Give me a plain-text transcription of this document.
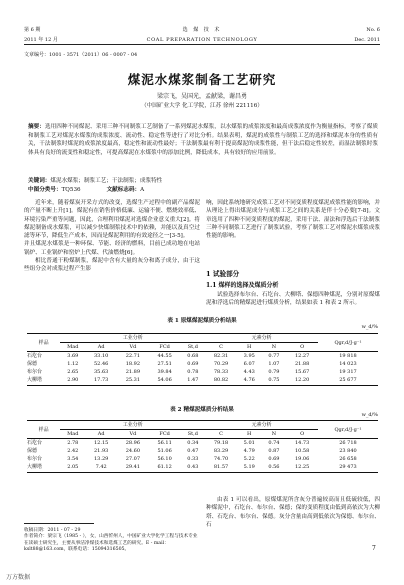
第 6 期	选 煤 技 术	No. 6
2011 年 12 月	COAL PREPARATION TECHNOLOGY	Dec. 2011
文章编号：1001 - 3571（2011）06 - 0007 - 04
煤泥水煤浆制备工艺研究
梁宗飞，吴国光，孟献梁，谢昌勇
（中国矿业大学 化工学院，江苏 徐州 221116）
摘要：选用四种不同煤泥、采用三种不同制浆工艺制备了一系列煤泥水煤浆，以水煤浆的成浆浓度和最高成浆浓度作为衡量指标，考察了煤质和制浆工艺对煤泥水煤浆的成浆浓度、流动性、稳定性等进行了对比分析。结果表明，煤泥的成浆性与制浆工艺的选择和煤泥本身的性质有关，干法制浆时煤泥的成浆浓度最高，稳定性和流动性最好；干法制浆最有利于提高煤泥的成浆性能，但干法后稳定性较差，而湿法制浆时浆体具有良好的流变性和稳定性，可提高煤泥在水煤浆中的添加比例，降低成本，具有较好的应用前景。
关键词：煤泥水煤浆；制浆工艺；干法制浆；成浆特性
中图分类号：TQ536	文献标志码：A

近年来，随着煤炭开采方式的改变，选煤生产过程中的副产品煤泥的产量不断上升[1]。煤泥有在销售价格低廉、运输不便、燃烧效率低、环境污染严重等问题，因此，合理利用煤泥对选煤企业意义重大[2]。将煤泥制备成水煤浆，可以减少快煤制浆技术中的依赖，并能以及真空过滤等环节，降低生产成本，因而是煤泥利用的有效途径之一[3-5]。

并且煤泥水煤浆是一种环保、节能、经济的燃料，目前已成功地在电站锅炉、工业锅炉和窑炉上代煤、代油燃烧[6]。

相比普通干粉煤制浆，煤泥中含有大量的灰分和离子成分，由于这些组分会对成浆过程产生影

响，因此系统地研究成浆工艺对不同变质程度煤泥成浆性能的影响，并从理论上得出煤泥成分与成浆工艺之间的关系是伴十分必要[7-8]。文章选用了四种不同变质程度的煤泥，采用干法、湿法和浮选后干法制浆三种不同制浆工艺进行了制浆试验，考察了制浆工艺对煤泥水煤浆成浆性能的影响。
1 试验部分
1.1 煤样的选择及煤质分析
试验选择布尔台、石圪台、大柳塔、保德四种煤泥，分别对原煤煤泥和浮选后的精煤泥进行煤质分析，结果如表 1 和表 2 所示。
表 1 原煤煤泥煤质分析结果
w_d/%
样品	工业分析					元素分析				Qgr,d/J·g⁻¹
	Mad	Ad	Vd	FCd	St,d	C	H	N	O	
石圪台	3.69	33.10	22.71	44.55	0.68	82.31	3.95	0.77	12.27	19 818
保德	1.12	52.46	18.92	27.51	0.69	70.29	6.07	1.07	21.88	14 023
布尔台	2.65	35.63	21.89	39.84	0.78	78.33	4.43	0.79	15.67	19 317
大柳塔	2.90	17.73	25.31	54.06	1.47	80.82	4.76	0.75	12.20	25 677
表 2 精煤泥煤质分析结果
w_d/%
样品	工业分析					元素分析				Qgr,d/J·g⁻¹
	Mad	Ad	Vd	FCd	St,d	C	H	N	O	
石圪台	2.78	12.15	28.96	56.11	0.34	79.18	5.01	0.74	14.73	26 718
保德	2.42	21.93	24.60	51.06	0.47	83.29	4.79	0.87	10.58	23 840
布尔台	3.54	13.29	27.07	56.10	0.33	74.70	5.22	0.69	19.06	26 658
大柳塔	2.05	7.42	29.41	61.12	0.43	81.57	5.19	0.56	12.25	29 473
收稿日期：2011 - 07 - 29
作者简介：梁宗飞（1985 - ），女，山西忻州人，中国矿业大学化学工程与技术专业在读硕士研究生，主要从事洁净煤技术和选煤工艺的研究。E - mail：kslt88@163.com，联系电话：15094316505。
由表 1 可以看出，原煤煤泥所含灰分普遍较高而且低硫较低，四种煤泥中，石圪台、布尔台、保德；保的变质程度由低到高依次为大柳塔、石圪台、布尔台、保德。灰分含量由高到低依次为保德、布尔台、石
7
万方数据
